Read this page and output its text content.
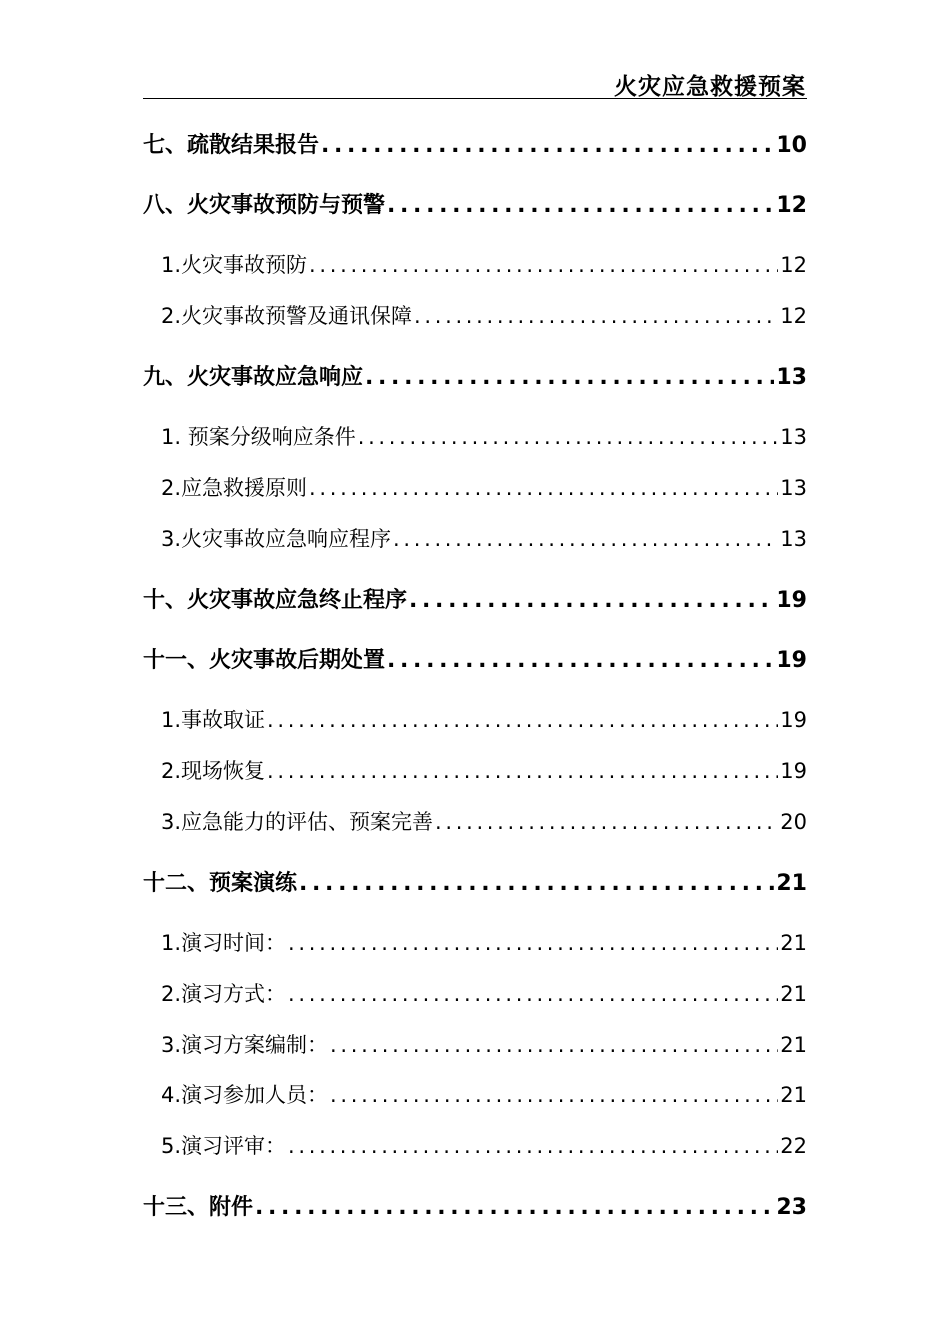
火灾应急救援预案
七、疏散结果报告 . . .	10
八、火灾事故预防与预警 . . .	12
1.火灾事故预防 . . .	12
2.火灾事故预警及通讯保障 . . .	12
九、火灾事故应急响应 . . .	13
1. 预案分级响应条件 . . .	13
2.应急救援原则 . . .	13
3.火灾事故应急响应程序 . . .	13
十、火灾事故应急终止程序 . . .	19
十一、火灾事故后期处置 . . .	19
1.事故取证 . . .	19
2.现场恢复 . . .	19
3.应急能力的评估、预案完善 . . .	20
十二、预案演练 . . .	21
1.演习时间： . . .	21
2.演习方式： . . .	21
3.演习方案编制： . . .	21
4.演习参加人员： . . .	21
5.演习评审： . . .	22
十三、附件 . . .	23
